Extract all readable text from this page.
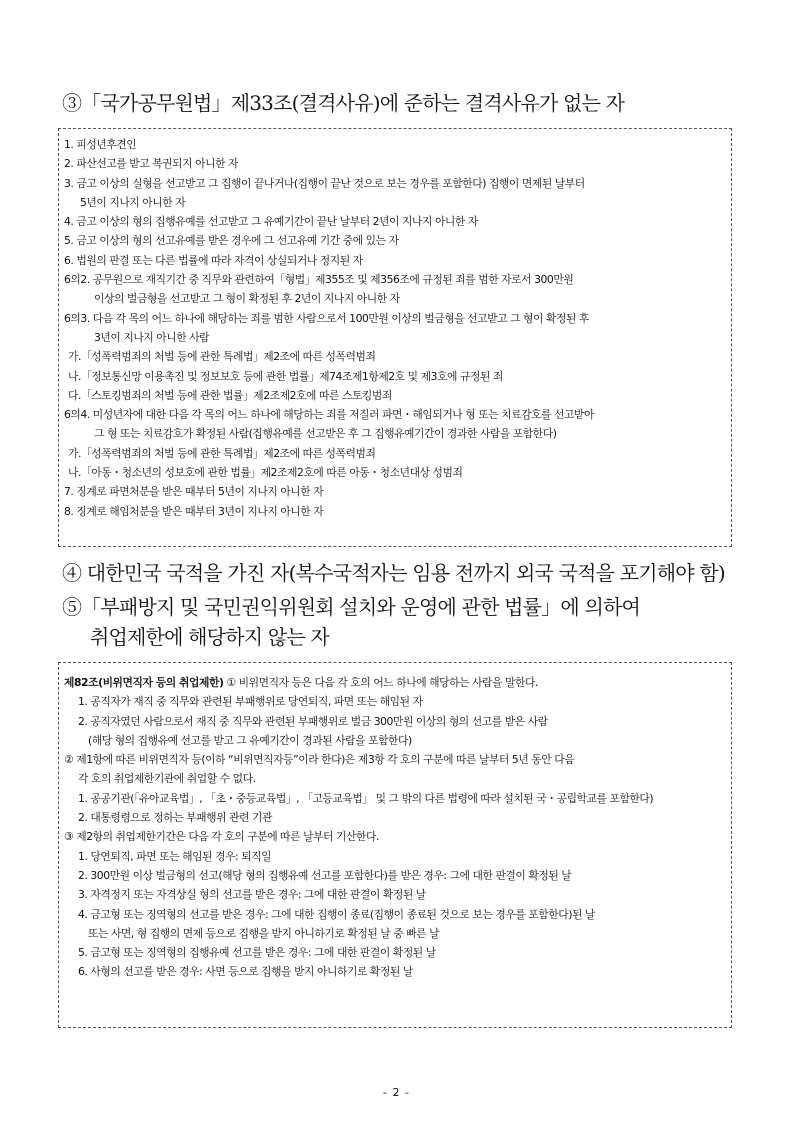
③「국가공무원법」제33조(결격사유)에 준하는 결격사유가 없는 자
1. 피성년후견인
2. 파산선고를 받고 복권되지 아니한 자
3. 금고 이상의 실형을 선고받고 그 집행이 끝나거나(집행이 끝난 것으로 보는 경우를 포함한다) 집행이 면제된 날부터
5년이 지나지 아니한 자
4. 금고 이상의 형의 집행유예를 선고받고 그 유예기간이 끝난 날부터 2년이 지나지 아니한 자
5. 금고 이상의 형의 선고유예를 받은 경우에 그 선고유예 기간 중에 있는 자
6. 법원의 판결 또는 다른 법률에 따라 자격이 상실되거나 정지된 자
6의2. 공무원으로 재직기간 중 직무와 관련하여「형법」제355조 및 제356조에 규정된 죄를 범한 자로서 300만원
이상의 벌금형을 선고받고 그 형이 확정된 후 2년이 지나지 아니한 자
6의3. 다음 각 목의 어느 하나에 해당하는 죄를 범한 사람으로서 100만원 이상의 벌금형을 선고받고 그 형이 확정된 후
3년이 지나지 아니한 사람
가.「성폭력범죄의 처벌 등에 관한 특례법」제2조에 따른 성폭력범죄
나.「정보통신망 이용촉진 및 정보보호 등에 관한 법률」제74조제1항제2호 및 제3호에 규정된 죄
다.「스토킹범죄의 처벌 등에 관한 법률」제2조제2호에 따른 스토킹범죄
6의4. 미성년자에 대한 다음 각 목의 어느 하나에 해당하는 죄를 저질러 파면・해임되거나 형 또는 치료감호를 선고받아
그 형 또는 치료감호가 확정된 사람(집행유예를 선고받은 후 그 집행유예기간이 경과한 사람을 포함한다)
가.「성폭력범죄의 처벌 등에 관한 특례법」제2조에 따른 성폭력범죄
나.「아동・청소년의 성보호에 관한 법률」제2조제2호에 따른 아동・청소년대상 성범죄
7. 징계로 파면처분을 받은 때부터 5년이 지나지 아니한 자
8. 징계로 해임처분을 받은 때부터 3년이 지나지 아니한 자
④ 대한민국 국적을 가진 자(복수국적자는 임용 전까지 외국 국적을 포기해야 함)
⑤「부패방지 및 국민권익위원회 설치와 운영에 관한 법률」에 의하여
취업제한에 해당하지 않는 자
제82조(비위면직자 등의 취업제한) ① 비위면직자 등은 다음 각 호의 어느 하나에 해당하는 사람을 말한다.
1. 공직자가 재직 중 직무와 관련된 부패행위로 당연퇴직, 파면 또는 해임된 자
2. 공직자였던 사람으로서 재직 중 직무와 관련된 부패행위로 벌금 300만원 이상의 형의 선고를 받은 사람
(해당 형의 집행유예 선고를 받고 그 유예기간이 경과된 사람을 포함한다)
② 제1항에 따른 비위면직자 등(이하 “비위면직자등”이라 한다)은 제3항 각 호의 구분에 따른 날부터 5년 동안 다음
각 호의 취업제한기관에 취업할 수 없다.
1. 공공기관(「유아교육법」, 「초・중등교육법」, 「고등교육법」 및 그 밖의 다른 법령에 따라 설치된 국・공립학교를 포함한다)
2. 대통령령으로 정하는 부패행위 관련 기관
③ 제2항의 취업제한기간은 다음 각 호의 구분에 따른 날부터 기산한다.
1. 당연퇴직, 파면 또는 해임된 경우: 퇴직일
2. 300만원 이상 벌금형의 선고(해당 형의 집행유예 선고를 포함한다)를 받은 경우: 그에 대한 판결이 확정된 날
3. 자격정지 또는 자격상실 형의 선고를 받은 경우: 그에 대한 판결이 확정된 날
4. 금고형 또는 징역형의 선고를 받은 경우: 그에 대한 집행이 종료(집행이 종료된 것으로 보는 경우를 포함한다)된 날
또는 사면, 형 집행의 면제 등으로 집행을 받지 아니하기로 확정된 날 중 빠른 날
5. 금고형 또는 징역형의 집행유예 선고를 받은 경우: 그에 대한 판결이 확정된 날
6. 사형의 선고를 받은 경우: 사면 등으로 집행을 받지 아니하기로 확정된 날
- 2 -
